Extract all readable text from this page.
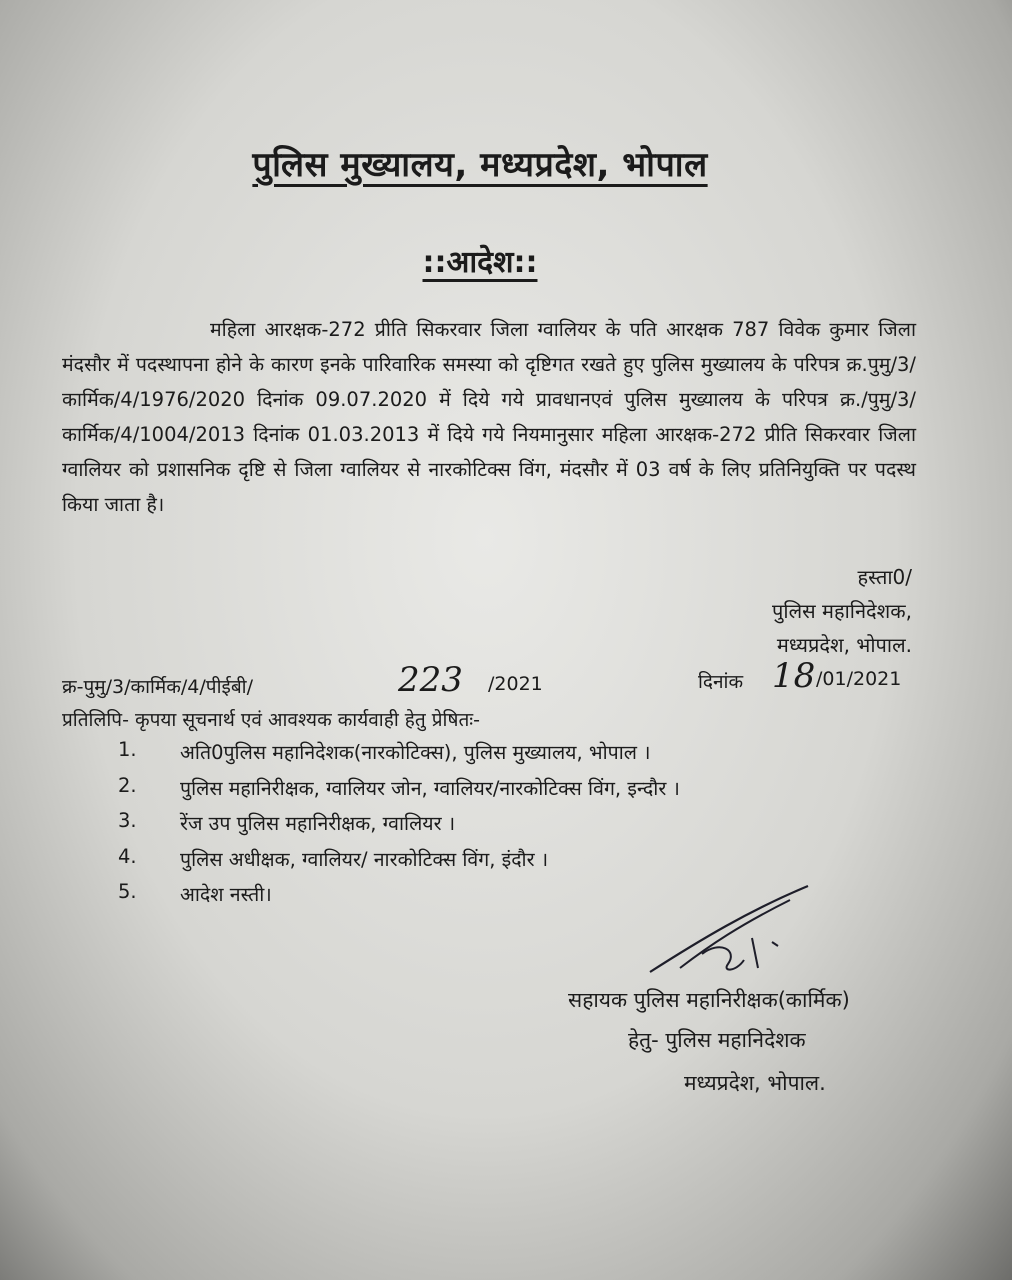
पुलिस मुख्यालय, मध्यप्रदेश, भोपाल
::आदेश::
महिला आरक्षक-272 प्रीति सिकरवार जिला ग्वालियर के पति आरक्षक 787 विवेक कुमार जिला मंदसौर में पदस्थापना होने के कारण इनके पारिवारिक समस्या को दृष्टिगत रखते हुए पुलिस मुख्यालय के परिपत्र क्र.पुमु/3/कार्मिक/4/1976/2020 दिनांक 09.07.2020 में दिये गये प्रावधानएवं पुलिस मुख्यालय के परिपत्र क्र./पुमु/3/कार्मिक/4/1004/2013 दिनांक 01.03.2013 में दिये गये नियमानुसार महिला आरक्षक-272 प्रीति सिकरवार जिला ग्वालियर को प्रशासनिक दृष्टि से जिला ग्वालियर से नारकोटिक्स विंग, मंदसौर में 03 वर्ष के लिए प्रतिनियुक्ति पर पदस्थ किया जाता है।
हस्ता0/
पुलिस महानिदेशक,
मध्यप्रदेश, भोपाल.
क्र-पुमु/3/कार्मिक/4/पीईबी/	223 /2021	दिनांक 18 /01/2021
प्रतिलिपि- कृपया सूचनार्थ एवं आवश्यक कार्यवाही हेतु प्रेषितः-
1.	अति0पुलिस महानिदेशक(नारकोटिक्स), पुलिस मुख्यालय, भोपाल ।
2.	पुलिस महानिरीक्षक, ग्वालियर जोन, ग्वालियर/नारकोटिक्स विंग, इन्दौर ।
3.	रेंज उप पुलिस महानिरीक्षक, ग्वालियर ।
4.	पुलिस अधीक्षक, ग्वालियर/ नारकोटिक्स विंग, इंदौर ।
5.	आदेश नस्ती।
सहायक पुलिस महानिरीक्षक(कार्मिक)
हेतु- पुलिस महानिदेशक
मध्यप्रदेश, भोपाल.
